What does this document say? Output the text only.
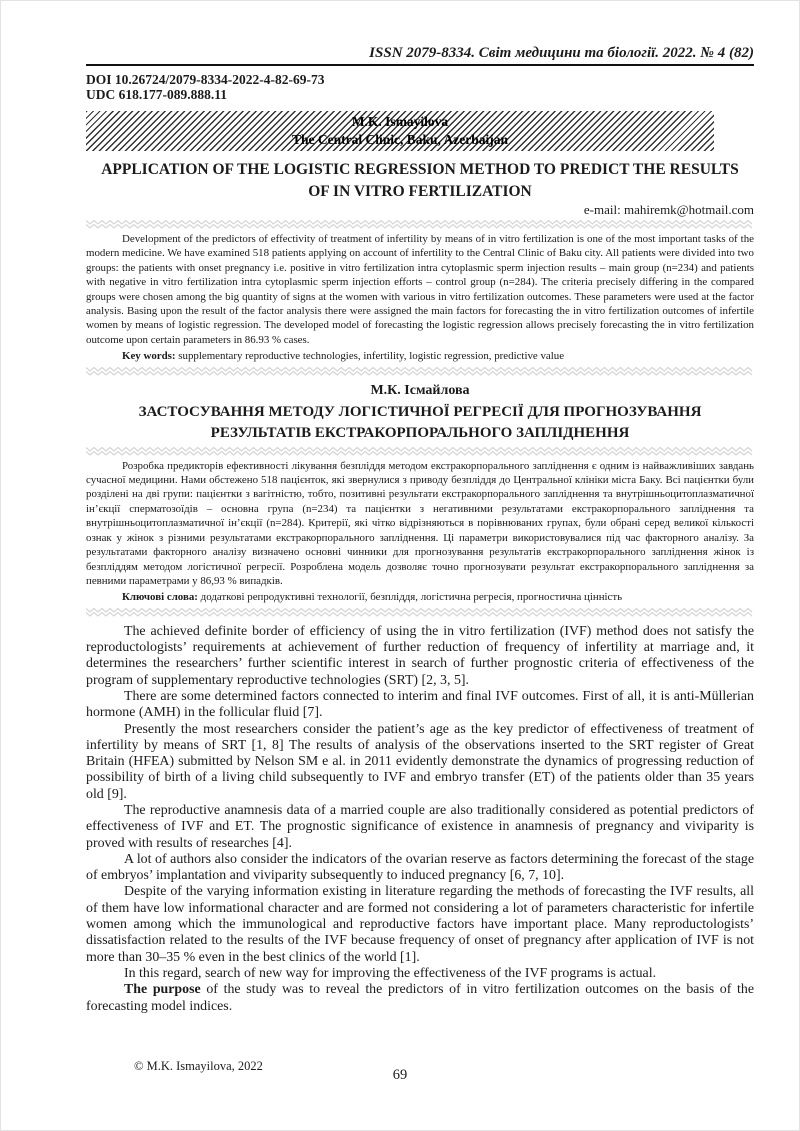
ISSN 2079-8334. Світ медицини та біології. 2022. № 4 (82)
DOI 10.26724/2079-8334-2022-4-82-69-73
UDC 618.177-089.888.11
M.K. Ismayilova
The Central Clinic, Baku, Azerbaijan
APPLICATION OF THE LOGISTIC REGRESSION METHOD TO PREDICT THE RESULTS
OF IN VITRO FERTILIZATION
e-mail: mahiremk@hotmail.com

Development of the predictors of effectivity of treatment of infertility by means of in vitro fertilization is one of the most important tasks of the modern medicine. We have examined 518 patients applying on account of infertility to the Central Clinic of Baku city. All patients were divided into two groups: the patients with onset pregnancy i.e. positive in vitro fertilization intra cytoplasmic sperm injection results – main group (n=234) and patients with negative in vitro fertilization intra cytoplasmic sperm injection efforts – control group (n=284). The criteria precisely differing in the compared groups were chosen among the big quantity of signs at the women with various in vitro fertilization outcomes. These parameters were used at the factor analysis. Basing upon the result of the factor analysis there were assigned the main factors for forecasting the in vitro fertilization outcomes of infertile women by means of logistic regression. The developed model of forecasting the logistic regression allows precisely forecasting the in vitro fertilization outcome upon certain parameters in 86.93 % cases.

Key words: supplementary reproductive technologies, infertility, logistic regression, predictive value

М.К. Ісмайлова
ЗАСТОСУВАННЯ МЕТОДУ ЛОГІСТИЧНОЇ РЕГРЕСІЇ ДЛЯ ПРОГНОЗУВАННЯ
РЕЗУЛЬТАТІВ ЕКСТРАКОРПОРАЛЬНОГО ЗАПЛІДНЕННЯ

Розробка предикторів ефективності лікування безпліддя методом екстракорпорального запліднення є одним із найважливіших завдань сучасної медицини. Нами обстежено 518 пацієнток, які звернулися з приводу безпліддя до Центральної клініки міста Баку. Всі пацієнтки були розділені на дві групи: пацієнтки з вагітністю, тобто, позитивні результати екстракорпорального запліднення та внутрішньоцитоплазматичної ін’єкції сперматозоїдів – основна група (n=234) та пацієнтки з негативними результатами екстракорпорального запліднення та внутрішньоцитоплазматичної ін’єкції (n=284). Критерії, які чітко відрізняються в порівнюваних групах, були обрані серед великої кількості ознак у жінок з різними результатами екстракорпорального запліднення. Ці параметри використовувалися під час факторного аналізу. За результатами факторного аналізу визначено основні чинники для прогнозування результатів екстракорпорального запліднення жінок із безпліддям методом логістичної регресії. Розроблена модель дозволяє точно прогнозувати результат екстракорпорального запліднення за певними параметрами у 86,93 % випадків.

Ключові слова: додаткові репродуктивні технології, безпліддя, логістична регресія, прогностична цінність

The achieved definite border of efficiency of using the in vitro fertilization (IVF) method does not satisfy the reproductologists’ requirements at achievement of further reduction of frequency of infertility at marriage and, it determines the researchers’ further scientific interest in search of further prognostic criteria of effectiveness of the program of supplementary reproductive technologies (SRT) [2, 3, 5].

There are some determined factors connected to interim and final IVF outcomes. First of all, it is anti-Müllerian hormone (AMH) in the follicular fluid [7].

Presently the most researchers consider the patient’s age as the key predictor of effectiveness of treatment of infertility by means of SRT [1, 8] The results of analysis of the observations inserted to the SRT register of Great Britain (HFEA) submitted by Nelson SM e al. in 2011 evidently demonstrate the dynamics of progressing reduction of possibility of birth of a living child subsequently to IVF and embryo transfer (ET) of the patients older than 35 years old [9].

The reproductive anamnesis data of a married couple are also traditionally considered as potential predictors of effectiveness of IVF and ET. The prognostic significance of existence in anamnesis of pregnancy and viviparity is proved with results of researches [4].

A lot of authors also consider the indicators of the ovarian reserve as factors determining the forecast of the stage of embryos’ implantation and viviparity subsequently to induced pregnancy [6, 7, 10].

Despite of the varying information existing in literature regarding the methods of forecasting the IVF results, all of them have low informational character and are formed not considering a lot of parameters characteristic for infertile women among which the immunological and reproductive factors have important place. Many reproductologists’ dissatisfaction related to the results of the IVF because frequency of onset of pregnancy after application of IVF is not more than 30–35 % even in the best clinics of the world [1].

In this regard, search of new way for improving the effectiveness of the IVF programs is actual.

The purpose of the study was to reveal the predictors of in vitro fertilization outcomes on the basis of the forecasting model indices.

© M.K. Ismayilova, 2022
69
